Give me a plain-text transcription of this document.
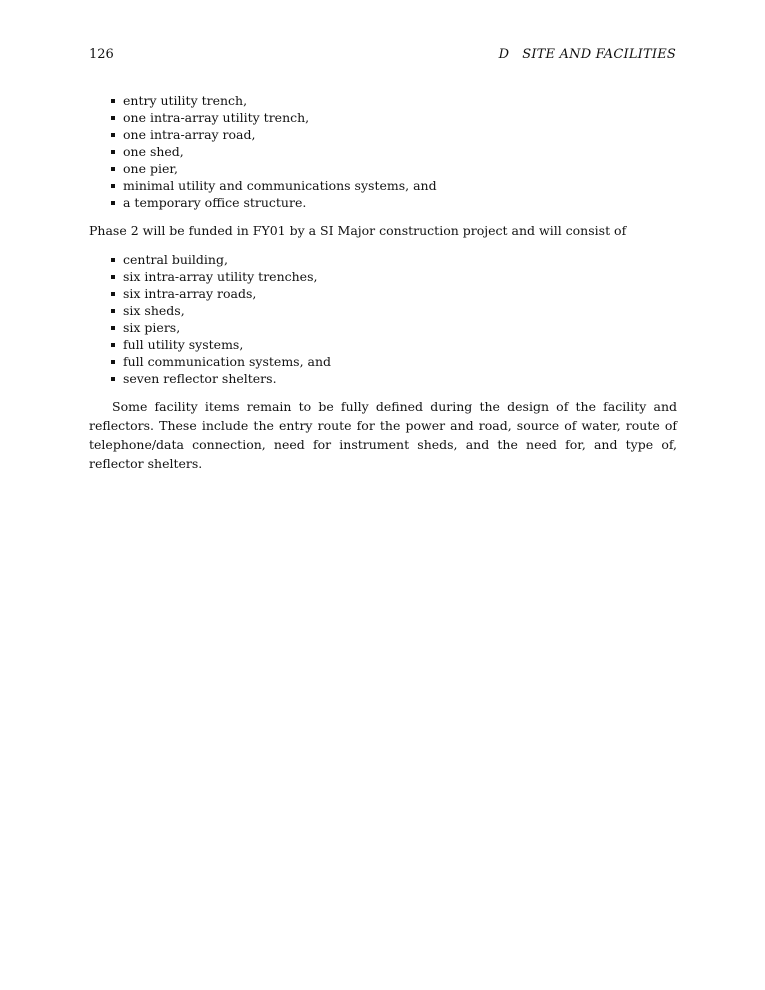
126	D   SITE AND FACILITIES
entry utility trench,
one intra-array utility trench,
one intra-array road,
one shed,
one pier,
minimal utility and communications systems, and
a temporary office structure.

Phase 2 will be funded in FY01 by a SI Major construction project and will consist of

central building,
six intra-array utility trenches,
six intra-array roads,
six sheds,
six piers,
full utility systems,
full communication systems, and
seven reflector shelters.

Some facility items remain to be fully defined during the design of the facility and reflectors. These include the entry route for the power and road, source of water, route of telephone/data connection, need for instrument sheds, and the need for, and type of, reflector shelters.
